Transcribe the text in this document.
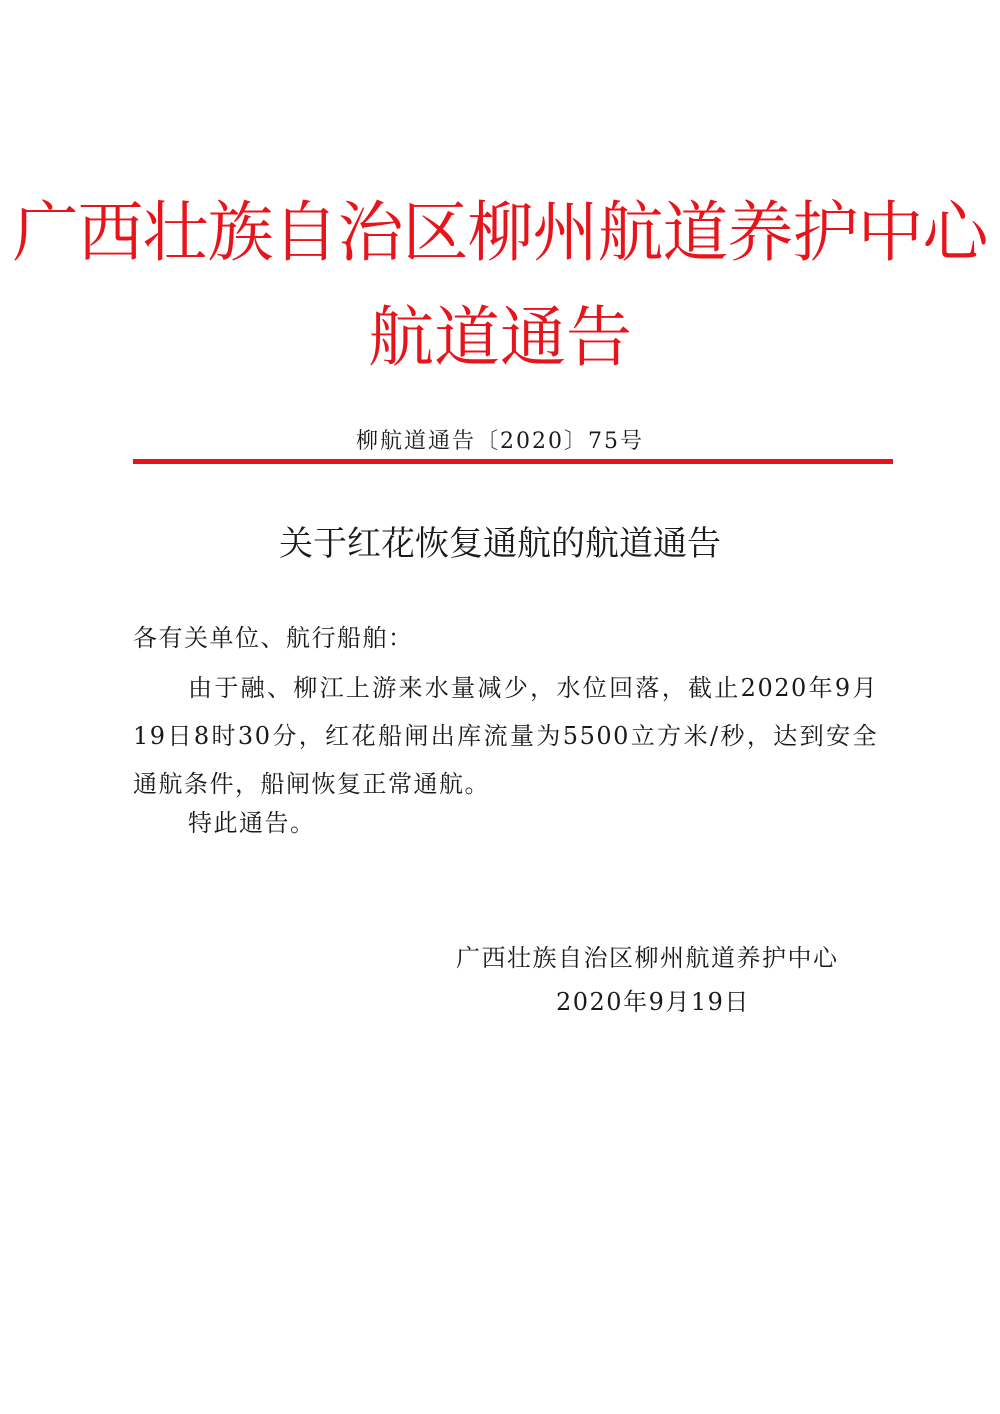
广西壮族自治区柳州航道养护中心
航道通告
柳航道通告〔2020〕75号
关于红花恢复通航的航道通告
各有关单位、航行船舶：
由于融、柳江上游来水量减少，水位回落，截止2020年9月19日8时30分，红花船闸出库流量为5500立方米/秒，达到安全通航条件，船闸恢复正常通航。
特此通告。
广西壮族自治区柳州航道养护中心
2020年9月19日
